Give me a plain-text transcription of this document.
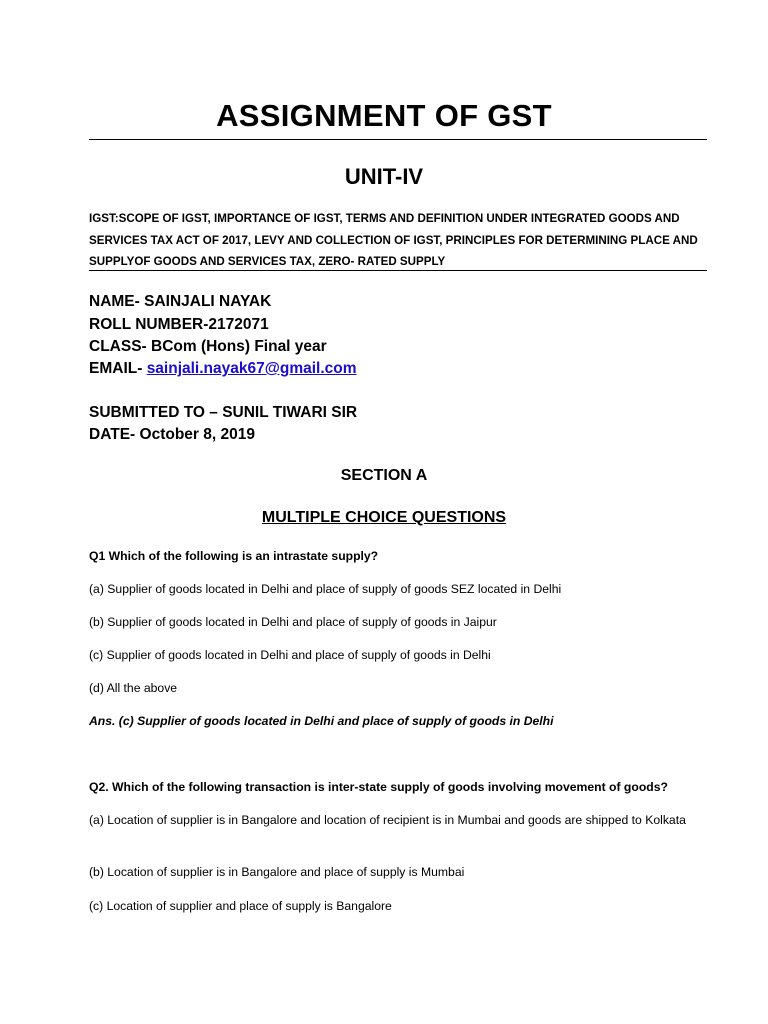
ASSIGNMENT OF GST
UNIT-IV

IGST:SCOPE OF IGST, IMPORTANCE OF IGST, TERMS AND DEFINITION UNDER INTEGRATED GOODS AND SERVICES TAX ACT OF 2017, LEVY AND COLLECTION OF IGST, PRINCIPLES FOR DETERMINING PLACE AND SUPPLYOF GOODS AND SERVICES TAX, ZERO- RATED SUPPLY

NAME- SAINJALI NAYAK

ROLL NUMBER-2172071

CLASS- BCom (Hons) Final year

EMAIL- sainjali.nayak67@gmail.com

SUBMITTED TO – SUNIL TIWARI SIR

DATE- October 8, 2019

SECTION A
MULTIPLE CHOICE QUESTIONS

Q1 Which of the following is an intrastate supply?

(a) Supplier of goods located in Delhi and place of supply of goods SEZ located in Delhi

(b) Supplier of goods located in Delhi and place of supply of goods in Jaipur

(c) Supplier of goods located in Delhi and place of supply of goods in Delhi

(d) All the above

Ans. (c) Supplier of goods located in Delhi and place of supply of goods in Delhi

Q2. Which of the following transaction is inter-state supply of goods involving movement of goods?

(a) Location of supplier is in Bangalore and location of recipient is in Mumbai and goods are shipped to Kolkata

(b) Location of supplier is in Bangalore and place of supply is Mumbai

(c) Location of supplier and place of supply is Bangalore
